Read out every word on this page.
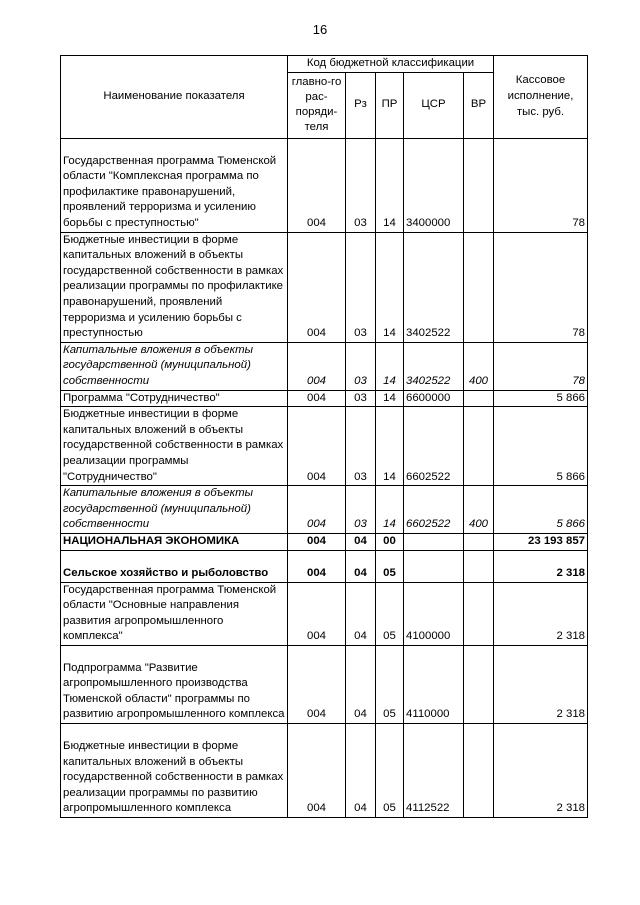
16
Наименование показателя	Код бюджетной классификации					Кассовое исполнение, тыс. руб.
	главно-го рас-поряди-теля	Рз	ПР	ЦСР	ВР	
Государственная программа Тюменской области "Комплексная программа по профилактике правонарушений, проявлений терроризма и усилению борьбы с преступностью"	004	03	14	3400000		78
Бюджетные инвестиции в форме капитальных вложений в объекты государственной собственности в рамках реализации программы по профилактике правонарушений, проявлений терроризма и усилению борьбы с преступностью	004	03	14	3402522		78
Капитальные вложения в объекты государственной (муниципальной) собственности	004	03	14	3402522	400	78
Программа "Сотрудничество"	004	03	14	6600000		5 866
Бюджетные инвестиции в форме капитальных вложений в объекты государственной собственности в рамках реализации программы "Сотрудничество"	004	03	14	6602522		5 866
Капитальные вложения в объекты государственной (муниципальной) собственности	004	03	14	6602522	400	5 866
НАЦИОНАЛЬНАЯ ЭКОНОМИКА	004	04	00			23 193 857
Сельское хозяйство и рыболовство	004	04	05			2 318
Государственная программа Тюменской области "Основные направления развития агропромышленного комплекса"	004	04	05	4100000		2 318
Подпрограмма "Развитие агропромышленного производства Тюменской области" программы по развитию агропромышленного комплекса	004	04	05	4110000		2 318
Бюджетные инвестиции в форме капитальных вложений в объекты государственной собственности в рамках реализации программы по развитию агропромышленного комплекса	004	04	05	4112522		2 318
